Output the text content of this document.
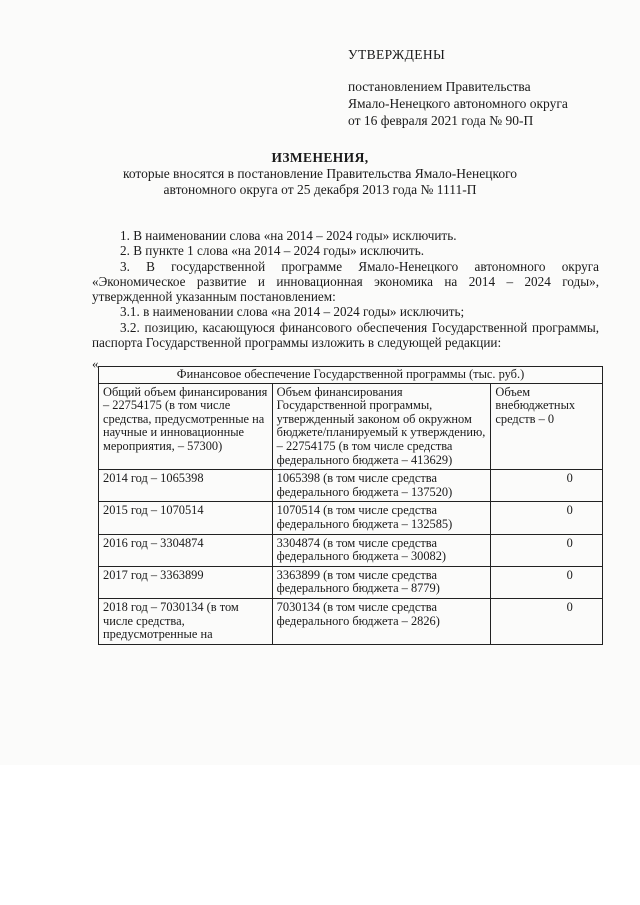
УТВЕРЖДЕНЫ
постановлением Правительства
Ямало-Ненецкого автономного округа
от 16 февраля 2021 года № 90-П
ИЗМЕНЕНИЯ,
которые вносятся в постановление Правительства Ямало-Ненецкого
автономного округа от 25 декабря 2013 года № 1111-П

1. В наименовании слова «на 2014 – 2024 годы» исключить.

2. В пункте 1 слова «на 2014 – 2024 годы» исключить.

3. В государственной программе Ямало-Ненецкого автономного округа «Экономическое развитие и инновационная экономика на 2014 – 2024 годы», утвержденной указанным постановлением:

3.1. в наименовании слова «на 2014 – 2024 годы» исключить;

3.2. позицию, касающуюся финансового обеспечения Государственной программы, паспорта Государственной программы изложить в следующей редакции:

«
Финансовое обеспечение Государственной программы (тыс. руб.)		
Общий объем финансирования – 22754175 (в том числе средства, предусмотренные на научные и инновационные мероприятия, – 57300)	Объем финансирования Государственной программы, утвержденный законом об окружном бюджете/планируемый к утверждению, – 22754175 (в том числе средства федерального бюджета – 413629)	Объем внебюджетных средств – 0
2014 год – 1065398	1065398 (в том числе средства федерального бюджета – 137520)	0
2015 год – 1070514	1070514 (в том числе средства федерального бюджета – 132585)	0
2016 год – 3304874	3304874 (в том числе средства федерального бюджета – 30082)	0
2017 год – 3363899	3363899 (в том числе средства федерального бюджета – 8779)	0
2018 год – 7030134 (в том числе средства, предусмотренные на	7030134 (в том числе средства федерального бюджета – 2826)	0
